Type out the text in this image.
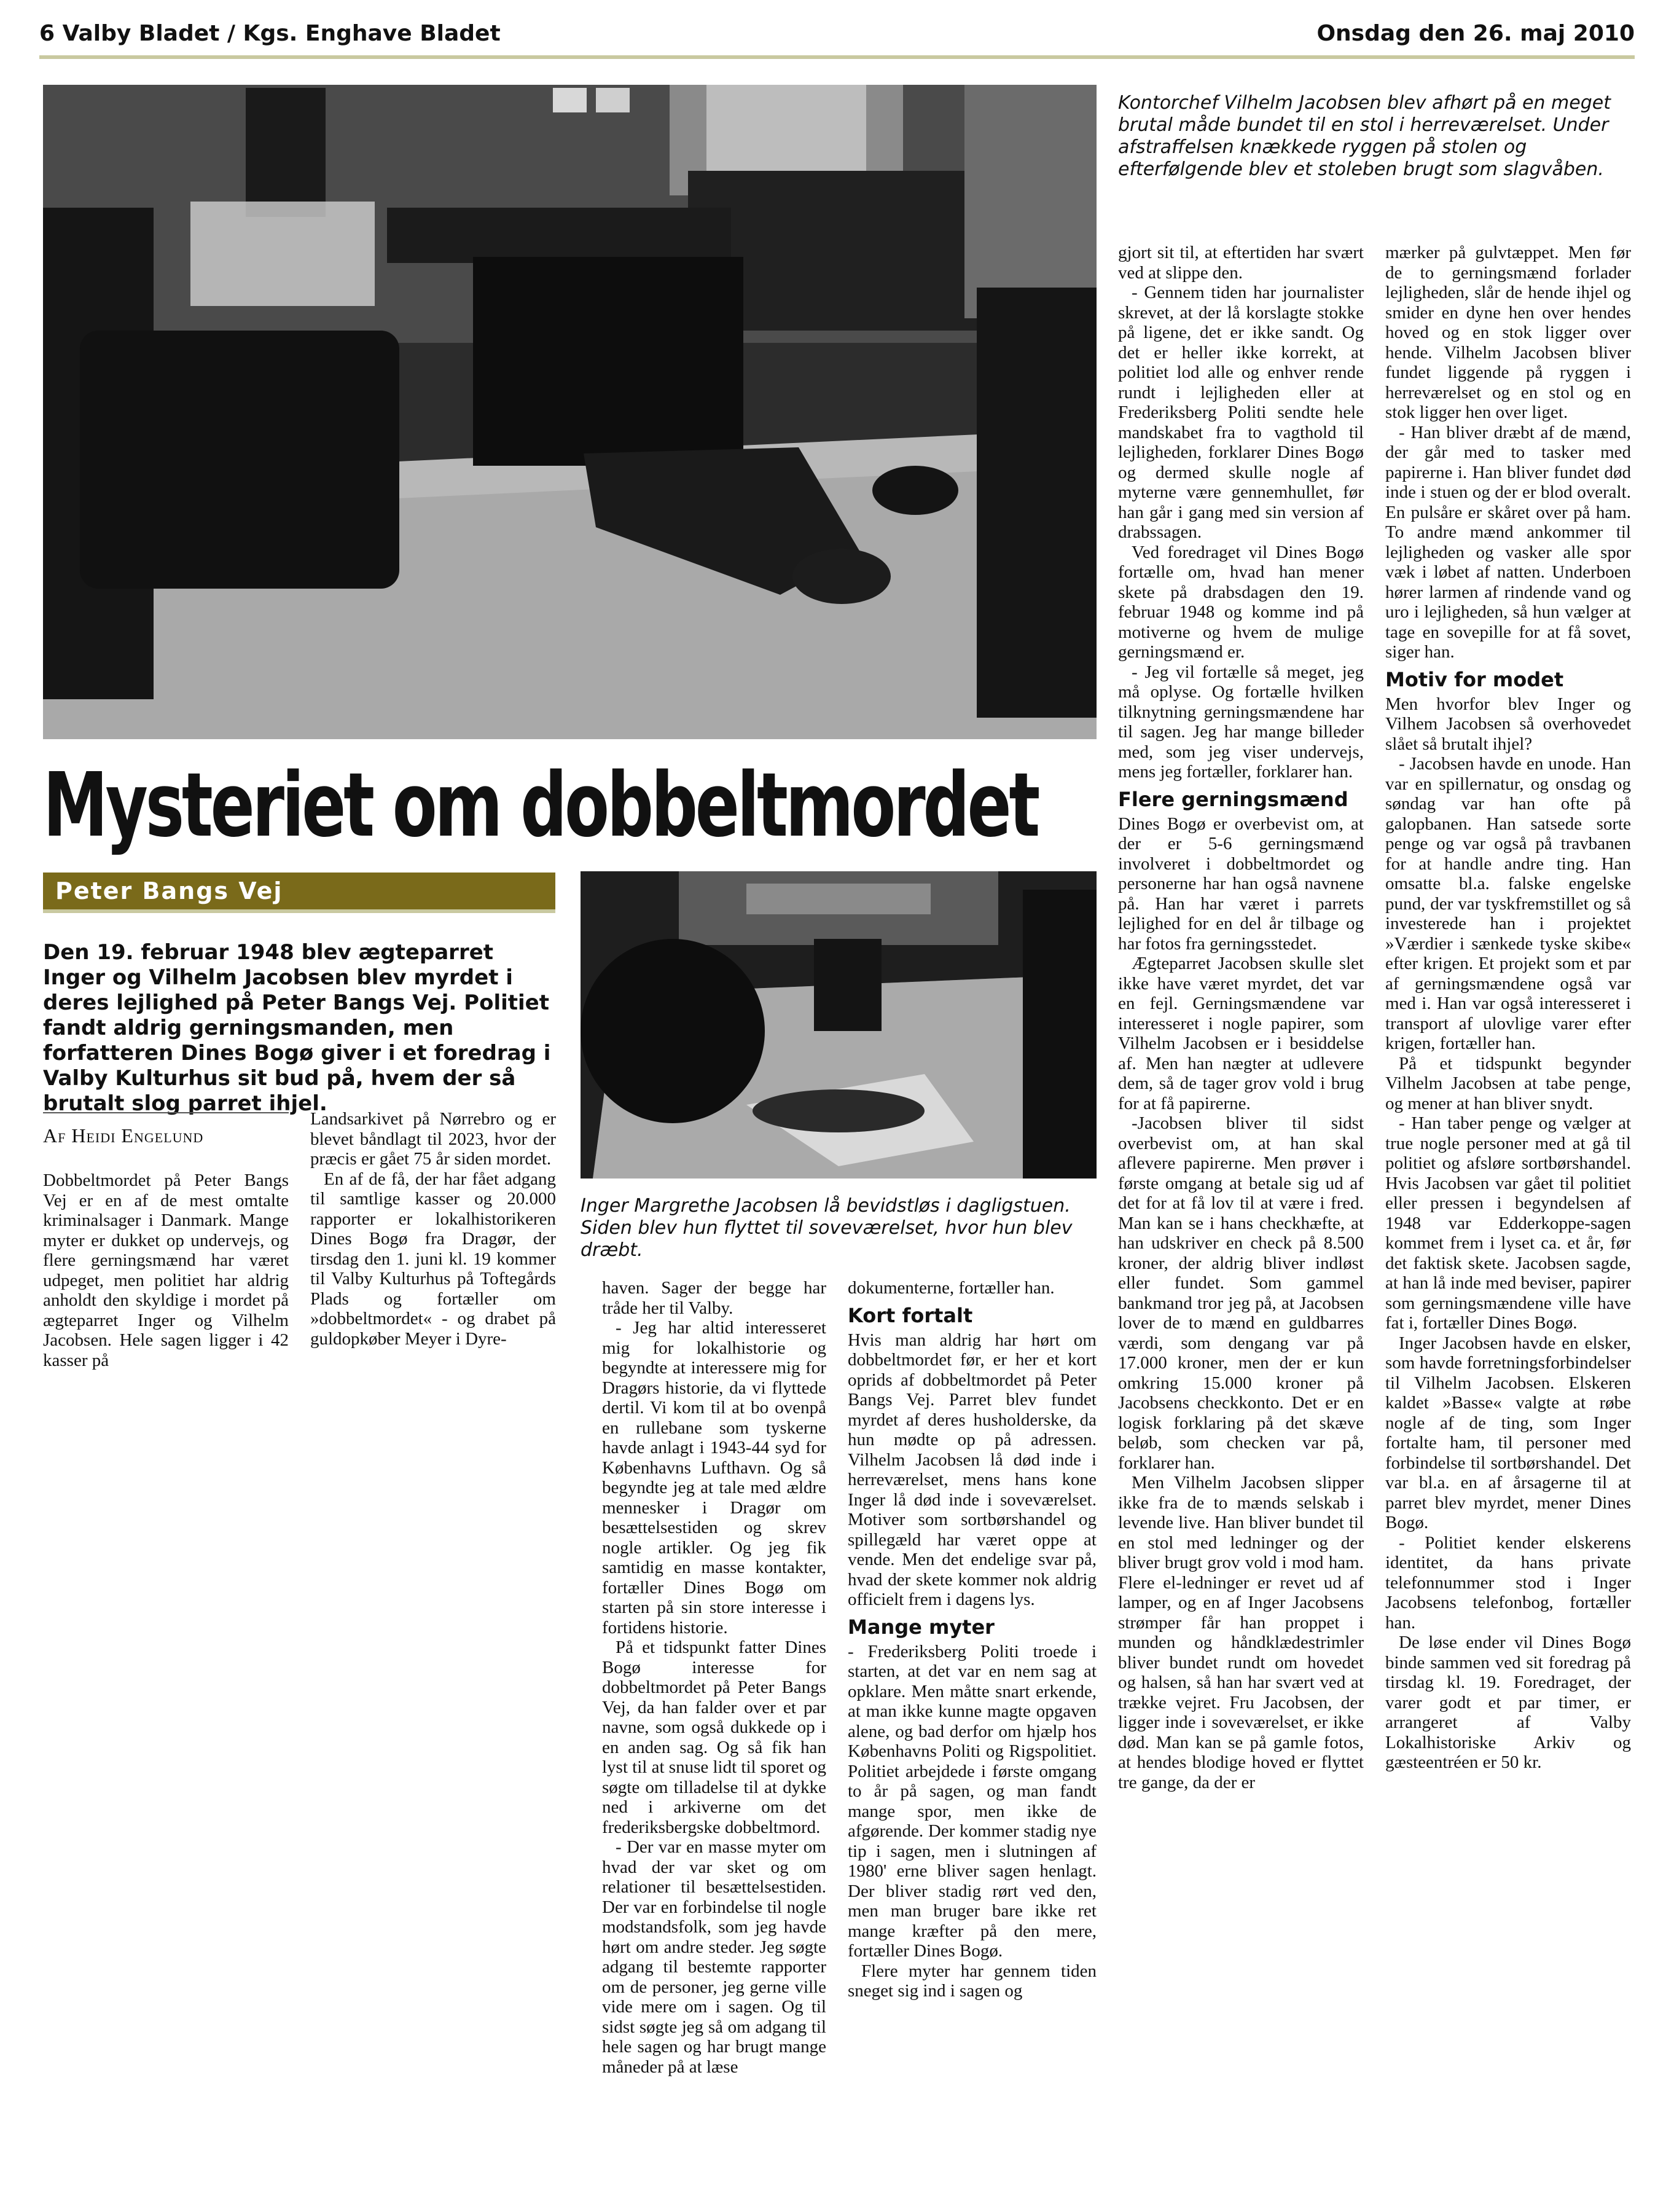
6 Valby Bladet / Kgs. Enghave Bladet	Onsdag den 26. maj 2010
Kontorchef Vilhelm Jacobsen blev afhørt på en meget brutal måde bundet til en stol i herreværelset. Under afstraffelsen knækkede ryggen på stolen og efterfølgende blev et stoleben brugt som slagvåben.
Mysteriet om dobbeltmordet
Peter Bangs Vej
Den 19. februar 1948 blev ægteparret Inger og Vilhelm Jacobsen blev myrdet i deres lejlighed på Peter Bangs Vej. Politiet fandt aldrig gerningsmanden, men forfatteren Dines Bogø giver i et foredrag i Valby Kulturhus sit bud på, hvem der så brutalt slog parret ihjel.
Af Heidi Engelund
Inger Margrethe Jacobsen lå bevidstløs i dagligstuen. Siden blev hun flyttet til soveværelset, hvor hun blev dræbt.

Dobbeltmordet på Peter Bangs Vej er en af de mest omtalte kriminalsager i Danmark. Mange myter er dukket op undervejs, og flere gerningsmænd har været udpeget, men politiet har aldrig anholdt den skyldige i mordet på ægteparret Inger og Vilhelm Jacobsen. Hele sagen ligger i 42 kasser på

Landsarkivet på Nørrebro og er blevet båndlagt til 2023, hvor der præcis er gået 75 år siden mordet.

En af de få, der har fået adgang til samtlige kasser og 20.000 rapporter er lokalhistorikeren Dines Bogø fra Dragør, der tirsdag den 1. juni kl. 19 kommer til Valby Kulturhus på Toftegårds Plads og fortæller om »dobbeltmordet« - og drabet på guldopkøber Meyer i Dyre-

haven. Sager der begge har tråde her til Valby.

- Jeg har altid interesseret mig for lokalhistorie og begyndte at interessere mig for Dragørs historie, da vi flyttede dertil. Vi kom til at bo ovenpå en rullebane som tyskerne havde anlagt i 1943-44 syd for Københavns Lufthavn. Og så begyndte jeg at tale med ældre mennesker i Dragør om besættelsestiden og skrev nogle artikler. Og jeg fik samtidig en masse kontakter, fortæller Dines Bogø om starten på sin store interesse i fortidens historie.

På et tidspunkt fatter Dines Bogø interesse for dobbeltmordet på Peter Bangs Vej, da han falder over et par navne, som også dukkede op i en anden sag. Og så fik han lyst til at snuse lidt til sporet og søgte om tilladelse til at dykke ned i arkiverne om det frederiksbergske dobbeltmord.

- Der var en masse myter om hvad der var sket og om relationer til besættelsestiden. Der var en forbindelse til nogle modstandsfolk, som jeg havde hørt om andre steder. Jeg søgte adgang til bestemte rapporter om de personer, jeg gerne ville vide mere om i sagen. Og til sidst søgte jeg så om adgang til hele sagen og har brugt mange måneder på at læse

dokumenterne, fortæller han.

Kort fortalt

Hvis man aldrig har hørt om dobbeltmordet før, er her et kort oprids af dobbeltmordet på Peter Bangs Vej. Parret blev fundet myrdet af deres husholderske, da hun mødte op på adressen. Vilhelm Jacobsen lå død inde i herreværelset, mens hans kone Inger lå død inde i soveværelset. Motiver som sortbørshandel og spillegæld har været oppe at vende. Men det endelige svar på, hvad der skete kommer nok aldrig officielt frem i dagens lys.

Mange myter

- Frederiksberg Politi troede i starten, at det var en nem sag at opklare. Men måtte snart erkende, at man ikke kunne magte opgaven alene, og bad derfor om hjælp hos Københavns Politi og Rigspolitiet. Politiet arbejdede i første omgang to år på sagen, og man fandt mange spor, men ikke de afgørende. Der kommer stadig nye tip i sagen, men i slutningen af 1980' erne bliver sagen henlagt. Der bliver stadig rørt ved den, men man bruger bare ikke ret mange kræfter på den mere, fortæller Dines Bogø.

Flere myter har gennem tiden sneget sig ind i sagen og

gjort sit til, at eftertiden har svært ved at slippe den.

- Gennem tiden har journalister skrevet, at der lå korslagte stokke på ligene, det er ikke sandt. Og det er heller ikke korrekt, at politiet lod alle og enhver rende rundt i lejligheden eller at Frederiksberg Politi sendte hele mandskabet fra to vagthold til lejligheden, forklarer Dines Bogø og dermed skulle nogle af myterne være gennemhullet, før han går i gang med sin version af drabssagen.

Ved foredraget vil Dines Bogø fortælle om, hvad han mener skete på drabsdagen den 19. februar 1948 og komme ind på motiverne og hvem de mulige gerningsmænd er.

- Jeg vil fortælle så meget, jeg må oplyse. Og fortælle hvilken tilknytning gerningsmændene har til sagen. Jeg har mange billeder med, som jeg viser undervejs, mens jeg fortæller, forklarer han.

Flere gerningsmænd

Dines Bogø er overbevist om, at der er 5-6 gerningsmænd involveret i dobbeltmordet og personerne har han også navnene på. Han har været i parrets lejlighed for en del år tilbage og har fotos fra gerningsstedet.

Ægteparret Jacobsen skulle slet ikke have været myrdet, det var en fejl. Gerningsmændene var interesseret i nogle papirer, som Vilhelm Jacobsen er i besiddelse af. Men han nægter at udlevere dem, så de tager grov vold i brug for at få papirerne.

-Jacobsen bliver til sidst overbevist om, at han skal aflevere papirerne. Men prøver i første omgang at betale sig ud af det for at få lov til at være i fred. Man kan se i hans checkhæfte, at han udskriver en check på 8.500 kroner, der aldrig bliver indløst eller fundet. Som gammel bankmand tror jeg på, at Jacobsen lover de to mænd en guldbarres værdi, som dengang var på 17.000 kroner, men der er kun omkring 15.000 kroner på Jacobsens checkkonto. Det er en logisk forklaring på det skæve beløb, som checken var på, forklarer han.

Men Vilhelm Jacobsen slipper ikke fra de to mænds selskab i levende live. Han bliver bundet til en stol med ledninger og der bliver brugt grov vold i mod ham. Flere el-ledninger er revet ud af lamper, og en af Inger Jacobsens strømper får han proppet i munden og håndklædestrimler bliver bundet rundt om hovedet og halsen, så han har svært ved at trække vejret. Fru Jacobsen, der ligger inde i soveværelset, er ikke død. Man kan se på gamle fotos, at hendes blodige hoved er flyttet tre gange, da der er

mærker på gulvtæppet. Men før de to gerningsmænd forlader lejligheden, slår de hende ihjel og smider en dyne hen over hendes hoved og en stok ligger over hende. Vilhelm Jacobsen bliver fundet liggende på ryggen i herreværelset og en stol og en stok ligger hen over liget.

- Han bliver dræbt af de mænd, der går med to tasker med papirerne i. Han bliver fundet død inde i stuen og der er blod overalt. En pulsåre er skåret over på ham. To andre mænd ankommer til lejligheden og vasker alle spor væk i løbet af natten. Underboen hører larmen af rindende vand og uro i lejligheden, så hun vælger at tage en sovepille for at få sovet, siger han.

Motiv for modet

Men hvorfor blev Inger og Vilhem Jacobsen så overhovedet slået så brutalt ihjel?

- Jacobsen havde en unode. Han var en spillernatur, og onsdag og søndag var han ofte på galopbanen. Han satsede sorte penge og var også på travbanen for at handle andre ting. Han omsatte bl.a. falske engelske pund, der var tyskfremstillet og så investerede han i projektet »Værdier i sænkede tyske skibe« efter krigen. Et projekt som et par af gerningsmændene også var med i. Han var også interesseret i transport af ulovlige varer efter krigen, fortæller han.

På et tidspunkt begynder Vilhelm Jacobsen at tabe penge, og mener at han bliver snydt.

- Han taber penge og vælger at true nogle personer med at gå til politiet og afsløre sortbørshandel. Hvis Jacobsen var gået til politiet eller pressen i begyndelsen af 1948 var Edderkoppe-sagen kommet frem i lyset ca. et år, før det faktisk skete. Jacobsen sagde, at han lå inde med beviser, papirer som gerningsmændene ville have fat i, fortæller Dines Bogø.

Inger Jacobsen havde en elsker, som havde forretningsforbindelser til Vilhelm Jacobsen. Elskeren kaldet »Basse« valgte at røbe nogle af de ting, som Inger fortalte ham, til personer med forbindelse til sortbørshandel. Det var bl.a. en af årsagerne til at parret blev myrdet, mener Dines Bogø.

- Politiet kender elskerens identitet, da hans private telefonnummer stod i Inger Jacobsens telefonbog, fortæller han.

De løse ender vil Dines Bogø binde sammen ved sit foredrag på tirsdag kl. 19. Foredraget, der varer godt et par timer, er arrangeret af Valby Lokalhistoriske Arkiv og gæsteentréen er 50 kr.
